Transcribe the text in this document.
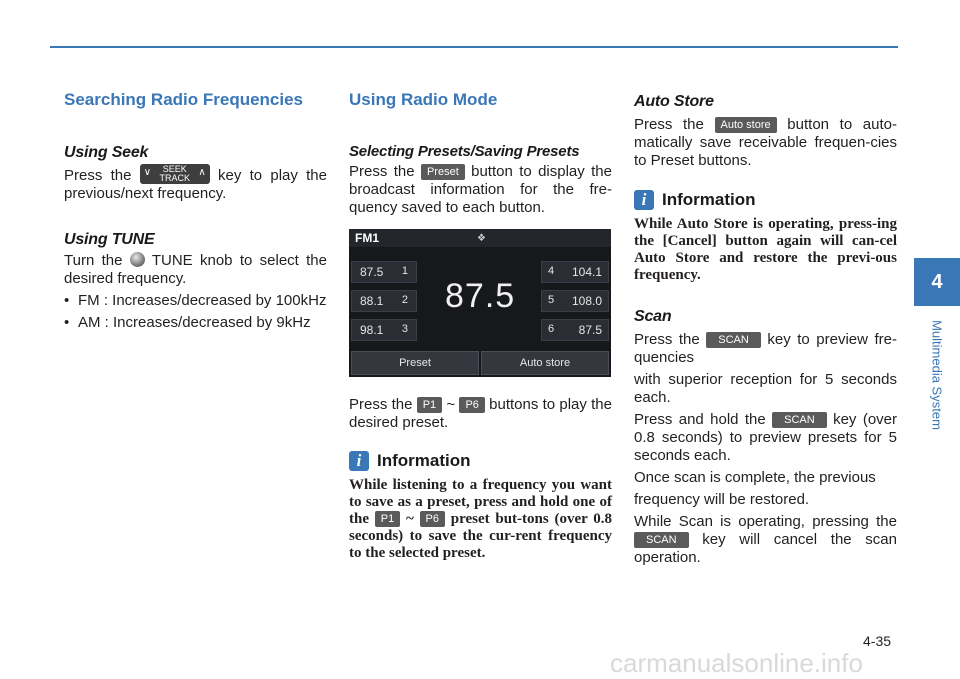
Searching Radio Frequencies
Using Seek

Press the ∨	SEEK
TRACK ∧ key to play the previous/next frequency.

Using TUNE

Turn the TUNE knob to select the desired frequency.

• FM : Increases/decreased by 100kHz
• AM : Increases/decreased by 9kHz
Using Radio Mode
Selecting Presets/Saving Presets

Press the Preset button to display the broadcast information for the fre-quency saved to each button.

FM1	❖
87.5 1
88.1 2
98.1 3
87.5
4 104.1
5 108.0
6 87.5
Preset	Auto store

Press the P1 ~ P6 buttons to play the desired preset.

i Information
While listening to a frequency you want to save as a preset, press and hold one of the P1 ~ P6 preset but-tons (over 0.8 seconds) to save the cur-rent frequency to the selected preset.
Auto Store

Press the Auto store button to auto-matically save receivable frequen-cies to Preset buttons.

i Information
While Auto Store is operating, press-ing the [Cancel] button again will can-cel Auto Store and restore the previ-ous frequency.
Scan

Press the SCAN key to preview fre-quencies

with superior reception for 5 seconds each.

Press and hold the SCAN key (over 0.8 seconds) to preview presets for 5 seconds each.

Once scan is complete, the previous

frequency will be restored.

While Scan is operating, pressing the SCAN key will cancel the scan operation.

4
Multimedia System
4-35
carmanualsonline.info
